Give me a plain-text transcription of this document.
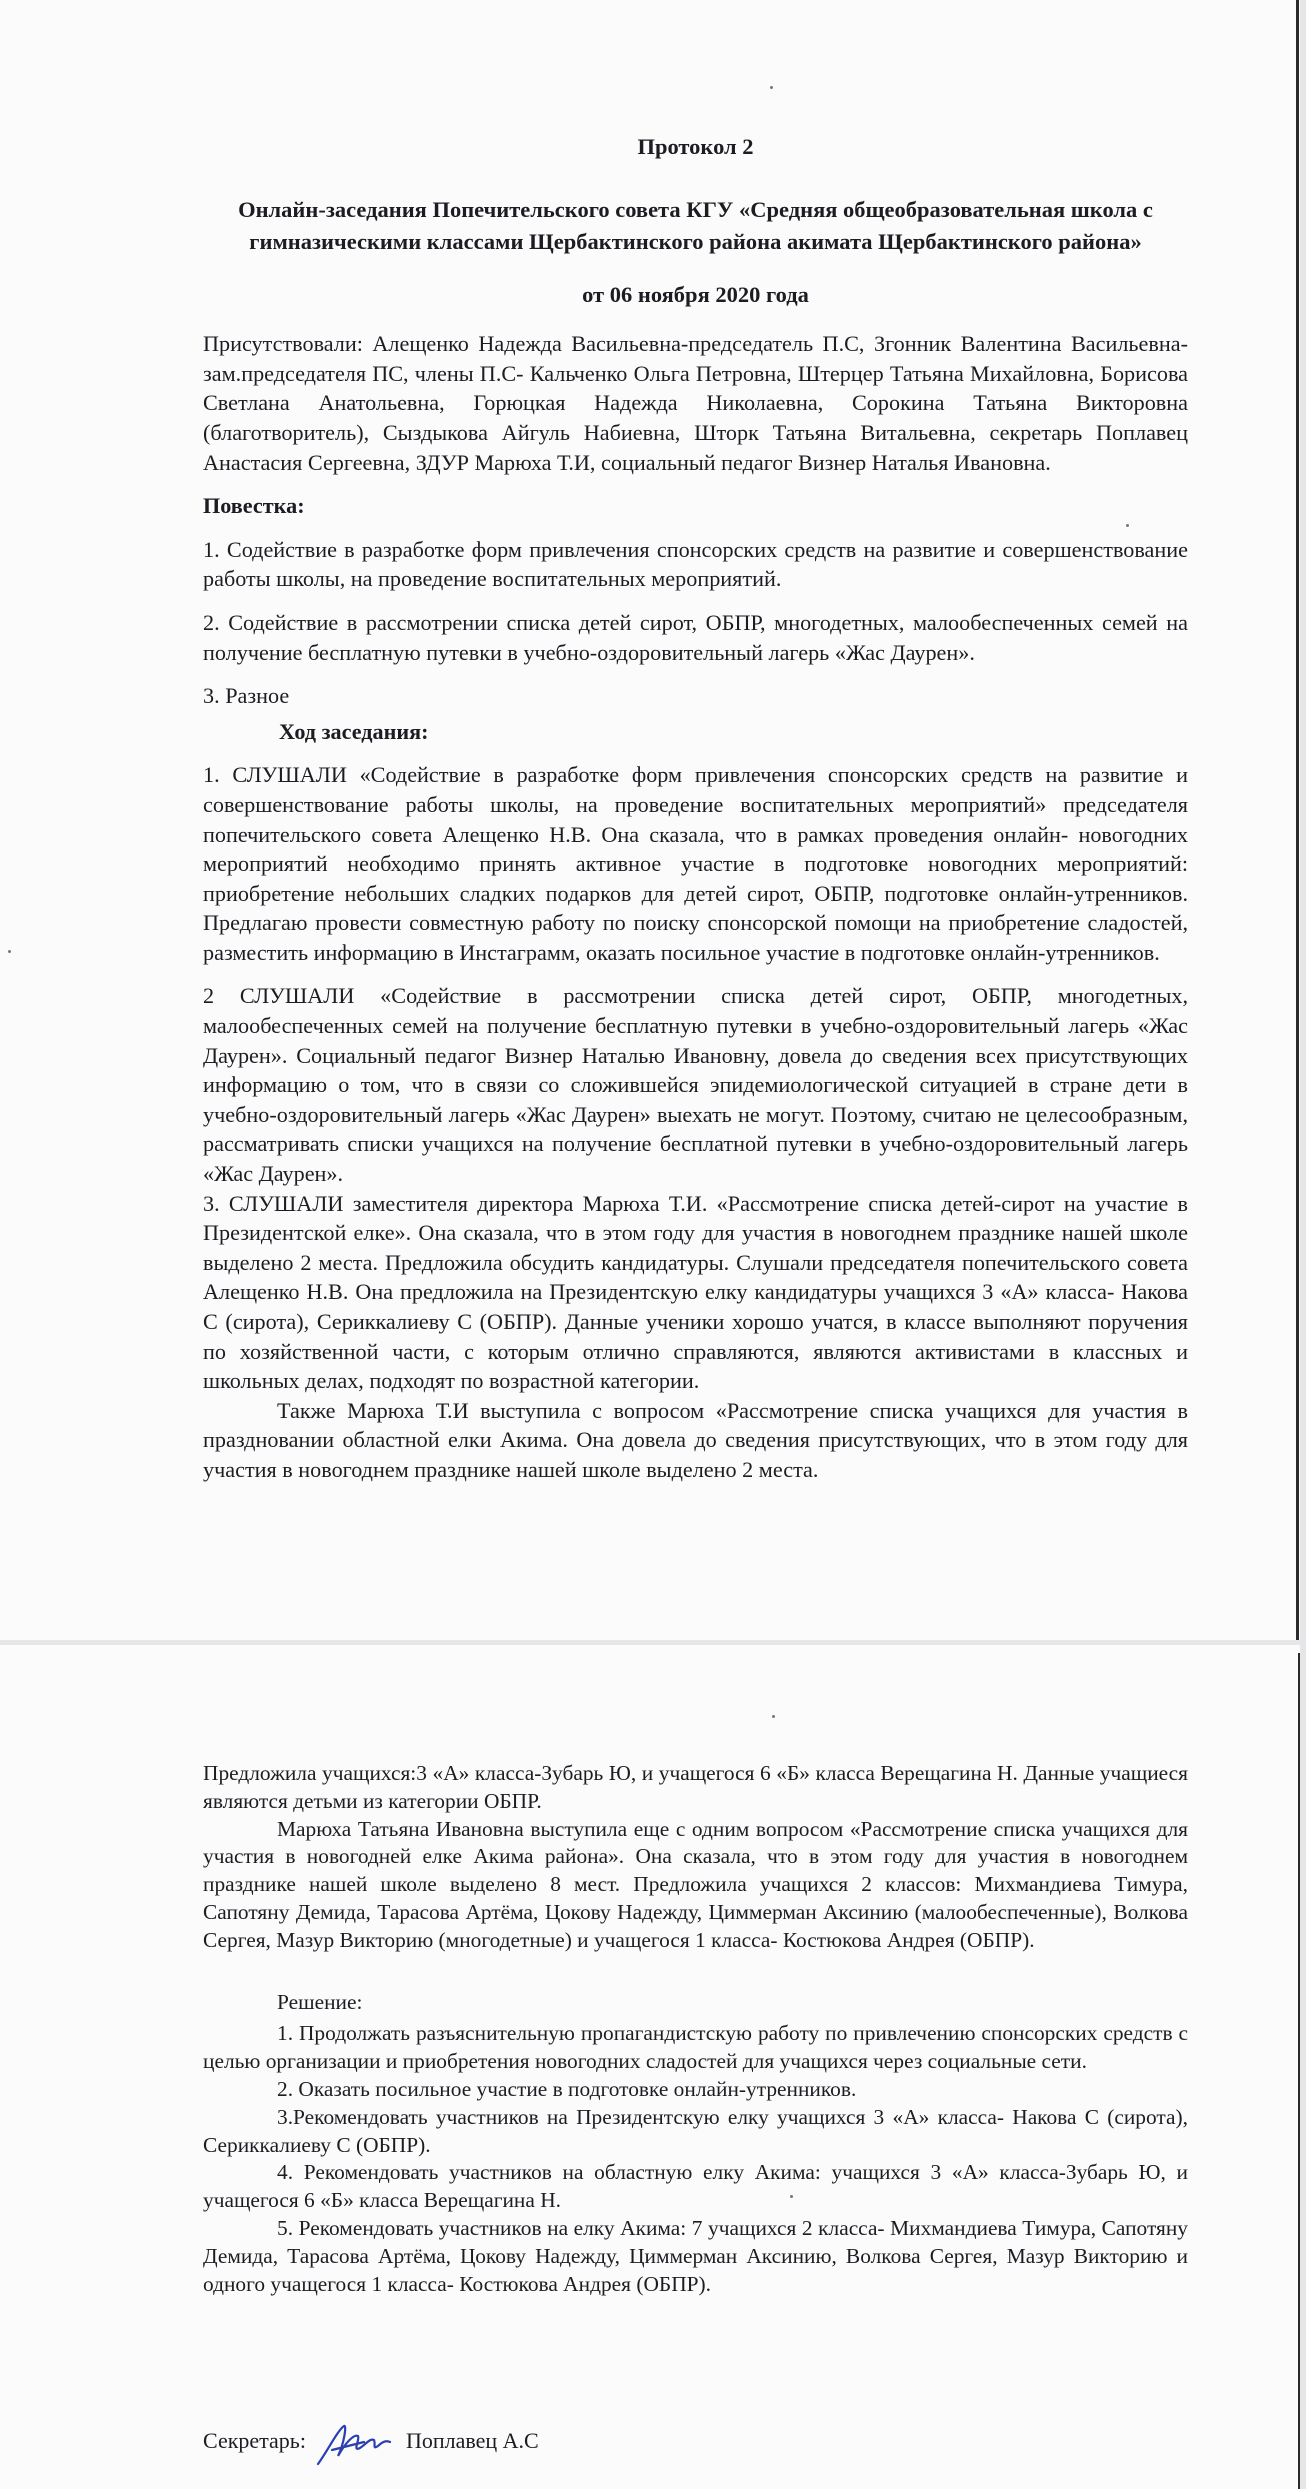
Протокол 2

Онлайн-заседания Попечительского совета КГУ «Средняя общеобразовательная школа с гимназическими классами Щербактинского района акимата Щербактинского района»

от 06 ноября 2020 года

Присутствовали: Алещенко Надежда Васильевна-председатель П.С, Згонник Валентина Васильевна-зам.председателя ПС, члены П.С- Кальченко Ольга Петровна, Штерцер Татьяна Михайловна, Борисова Светлана Анатольевна, Горюцкая Надежда Николаевна, Сорокина Татьяна Викторовна (благотворитель), Сыздыкова Айгуль Набиевна, Шторк Татьяна Витальевна, секретарь Поплавец Анастасия Сергеевна, ЗДУР Марюха Т.И, социальный педагог Визнер Наталья Ивановна.

Повестка:

1. Содействие в разработке форм привлечения спонсорских средств на развитие и совершенствование работы школы, на проведение воспитательных мероприятий.

2. Содействие в рассмотрении списка детей сирот, ОБПР, многодетных, малообеспеченных семей на получение бесплатную путевки в учебно-оздоровительный лагерь «Жас Даурен».

3. Разное

Ход заседания:

1. СЛУШАЛИ «Содействие в разработке форм привлечения спонсорских средств на развитие и совершенствование работы школы, на проведение воспитательных мероприятий» председателя попечительского совета Алещенко Н.В. Она сказала, что в рамках проведения онлайн- новогодних мероприятий необходимо принять активное участие в подготовке новогодних мероприятий: приобретение небольших сладких подарков для детей сирот, ОБПР, подготовке онлайн-утренников. Предлагаю провести совместную работу по поиску спонсорской помощи на приобретение сладостей, разместить информацию в Инстаграмм, оказать посильное участие в подготовке онлайн-утренников.

2 СЛУШАЛИ «Содействие в рассмотрении списка детей сирот, ОБПР, многодетных, малообеспеченных семей на получение бесплатную путевки в учебно-оздоровительный лагерь «Жас Даурен». Социальный педагог Визнер Наталью Ивановну, довела до сведения всех присутствующих информацию о том, что в связи со сложившейся эпидемиологической ситуацией в стране дети в учебно-оздоровительный лагерь «Жас Даурен» выехать не могут. Поэтому, считаю не целесообразным, рассматривать списки учащихся на получение бесплатной путевки в учебно-оздоровительный лагерь «Жас Даурен».

3. СЛУШАЛИ заместителя директора Марюха Т.И. «Рассмотрение списка детей-сирот на участие в Президентской елке». Она сказала, что в этом году для участия в новогоднем празднике нашей школе выделено 2 места. Предложила обсудить кандидатуры. Слушали председателя попечительского совета Алещенко Н.В. Она предложила на Президентскую елку кандидатуры учащихся 3 «А» класса- Накова С (сирота), Сериккалиеву С (ОБПР). Данные ученики хорошо учатся, в классе выполняют поручения по хозяйственной части, с которым отлично справляются, являются активистами в классных и школьных делах, подходят по возрастной категории.

Также Марюха Т.И выступила с вопросом «Рассмотрение списка учащихся для участия в праздновании областной елки Акима. Она довела до сведения присутствующих, что в этом году для участия в новогоднем празднике нашей школе выделено 2 места.

Предложила учащихся:3 «А» класса-Зубарь Ю, и учащегося 6 «Б» класса Верещагина Н. Данные учащиеся являются детьми из категории ОБПР.

Марюха Татьяна Ивановна выступила еще с одним вопросом «Рассмотрение списка учащихся для участия в новогодней елке Акима района». Она сказала, что в этом году для участия в новогоднем празднике нашей школе выделено 8 мест. Предложила учащихся 2 классов: Михмандиева Тимура, Сапотяну Демида, Тарасова Артёма, Цокову Надежду, Циммерман Аксинию (малообеспеченные), Волкова Сергея, Мазур Викторию (многодетные) и учащегося 1 класса- Костюкова Андрея (ОБПР).

Решение:

1. Продолжать разъяснительную пропагандистскую работу по привлечению спонсорских средств с целью организации и приобретения новогодних сладостей для учащихся через социальные сети.

2. Оказать посильное участие в подготовке онлайн-утренников.

3.Рекомендовать участников на Президентскую елку учащихся 3 «А» класса- Накова С (сирота), Сериккалиеву С (ОБПР).

4. Рекомендовать участников на областную елку Акима: учащихся 3 «А» класса-Зубарь Ю, и учащегося 6 «Б» класса Верещагина Н.

5. Рекомендовать участников на елку Акима: 7 учащихся 2 класса- Михмандиева Тимура, Сапотяну Демида, Тарасова Артёма, Цокову Надежду, Циммерман Аксинию, Волкова Сергея, Мазур Викторию и одного учащегося 1 класса- Костюкова Андрея (ОБПР).

Секретарь:	Поплавец А.С
